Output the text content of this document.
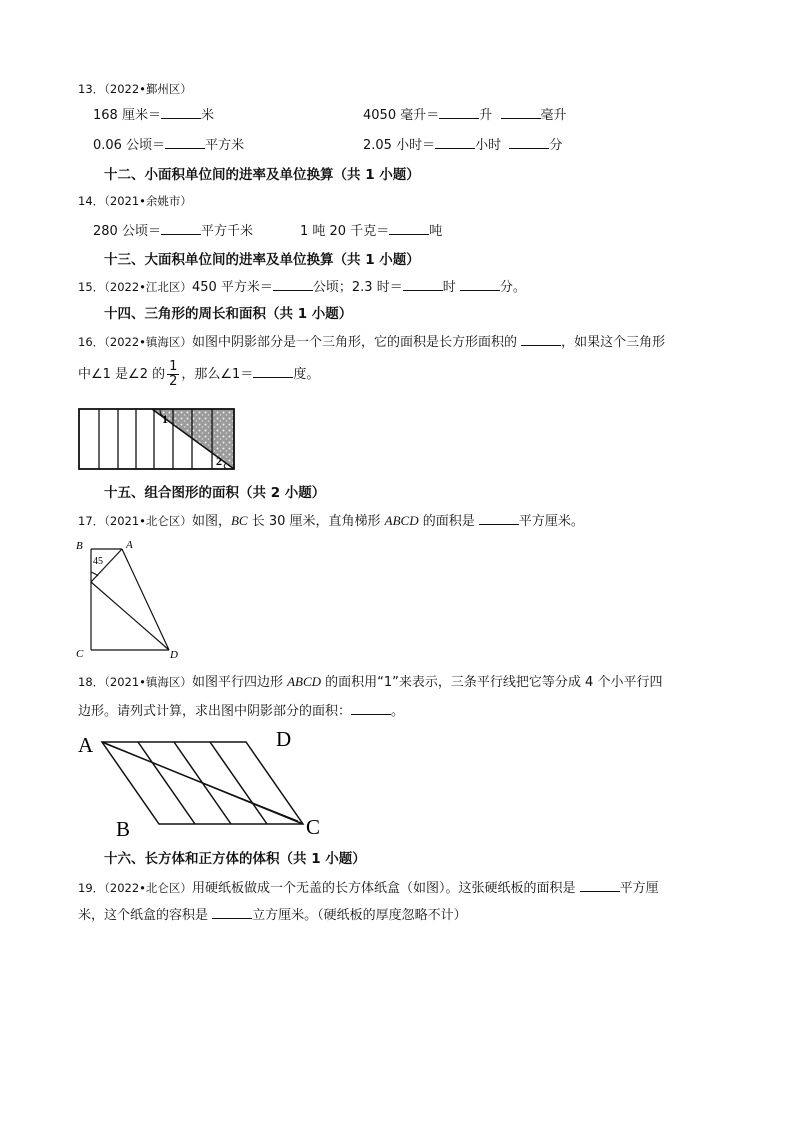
13．（2022•鄞州区）
168 厘米＝	米	4050 毫升＝	升	毫升
0.06 公顷＝	平方米	2.05 小时＝	小时	分
十二、小面积单位间的进率及单位换算（共 1 小题）
14．（2021•余姚市）
280 公顷＝	平方千米	1 吨 20 千克＝	吨
十三、大面积单位间的进率及单位换算（共 1 小题）
15．（2022•江北区）450 平方米＝	公顷；2.3 时＝	时	分。
十四、三角形的周长和面积（共 1 小题）
16．（2022•镇海区）如图中阴影部分是一个三角形，它的面积是长方形面积的	，如果这个三角形
中∠1 是∠2 的 $\frac{1}{2}$ ，那么∠1＝	度。
1
2
十五、组合图形的面积（共 2 小题）
17．（2021•北仑区）如图，BC 长 30 厘米，直角梯形 ABCD 的面积是	平方厘米。
B	A
C	D
45
18．（2021•镇海区）如图平行四边形 ABCD 的面积用“1”来表示，三条平行线把它等分成 4 个小平行四
边形。请列式计算，求出图中阴影部分的面积：	。
A	D
B	C
十六、长方体和正方体的体积（共 1 小题）
19．（2022•北仑区）用硬纸板做成一个无盖的长方体纸盒（如图）。这张硬纸板的面积是	平方厘
米，这个纸盒的容积是	立方厘米。（硬纸板的厚度忽略不计）
